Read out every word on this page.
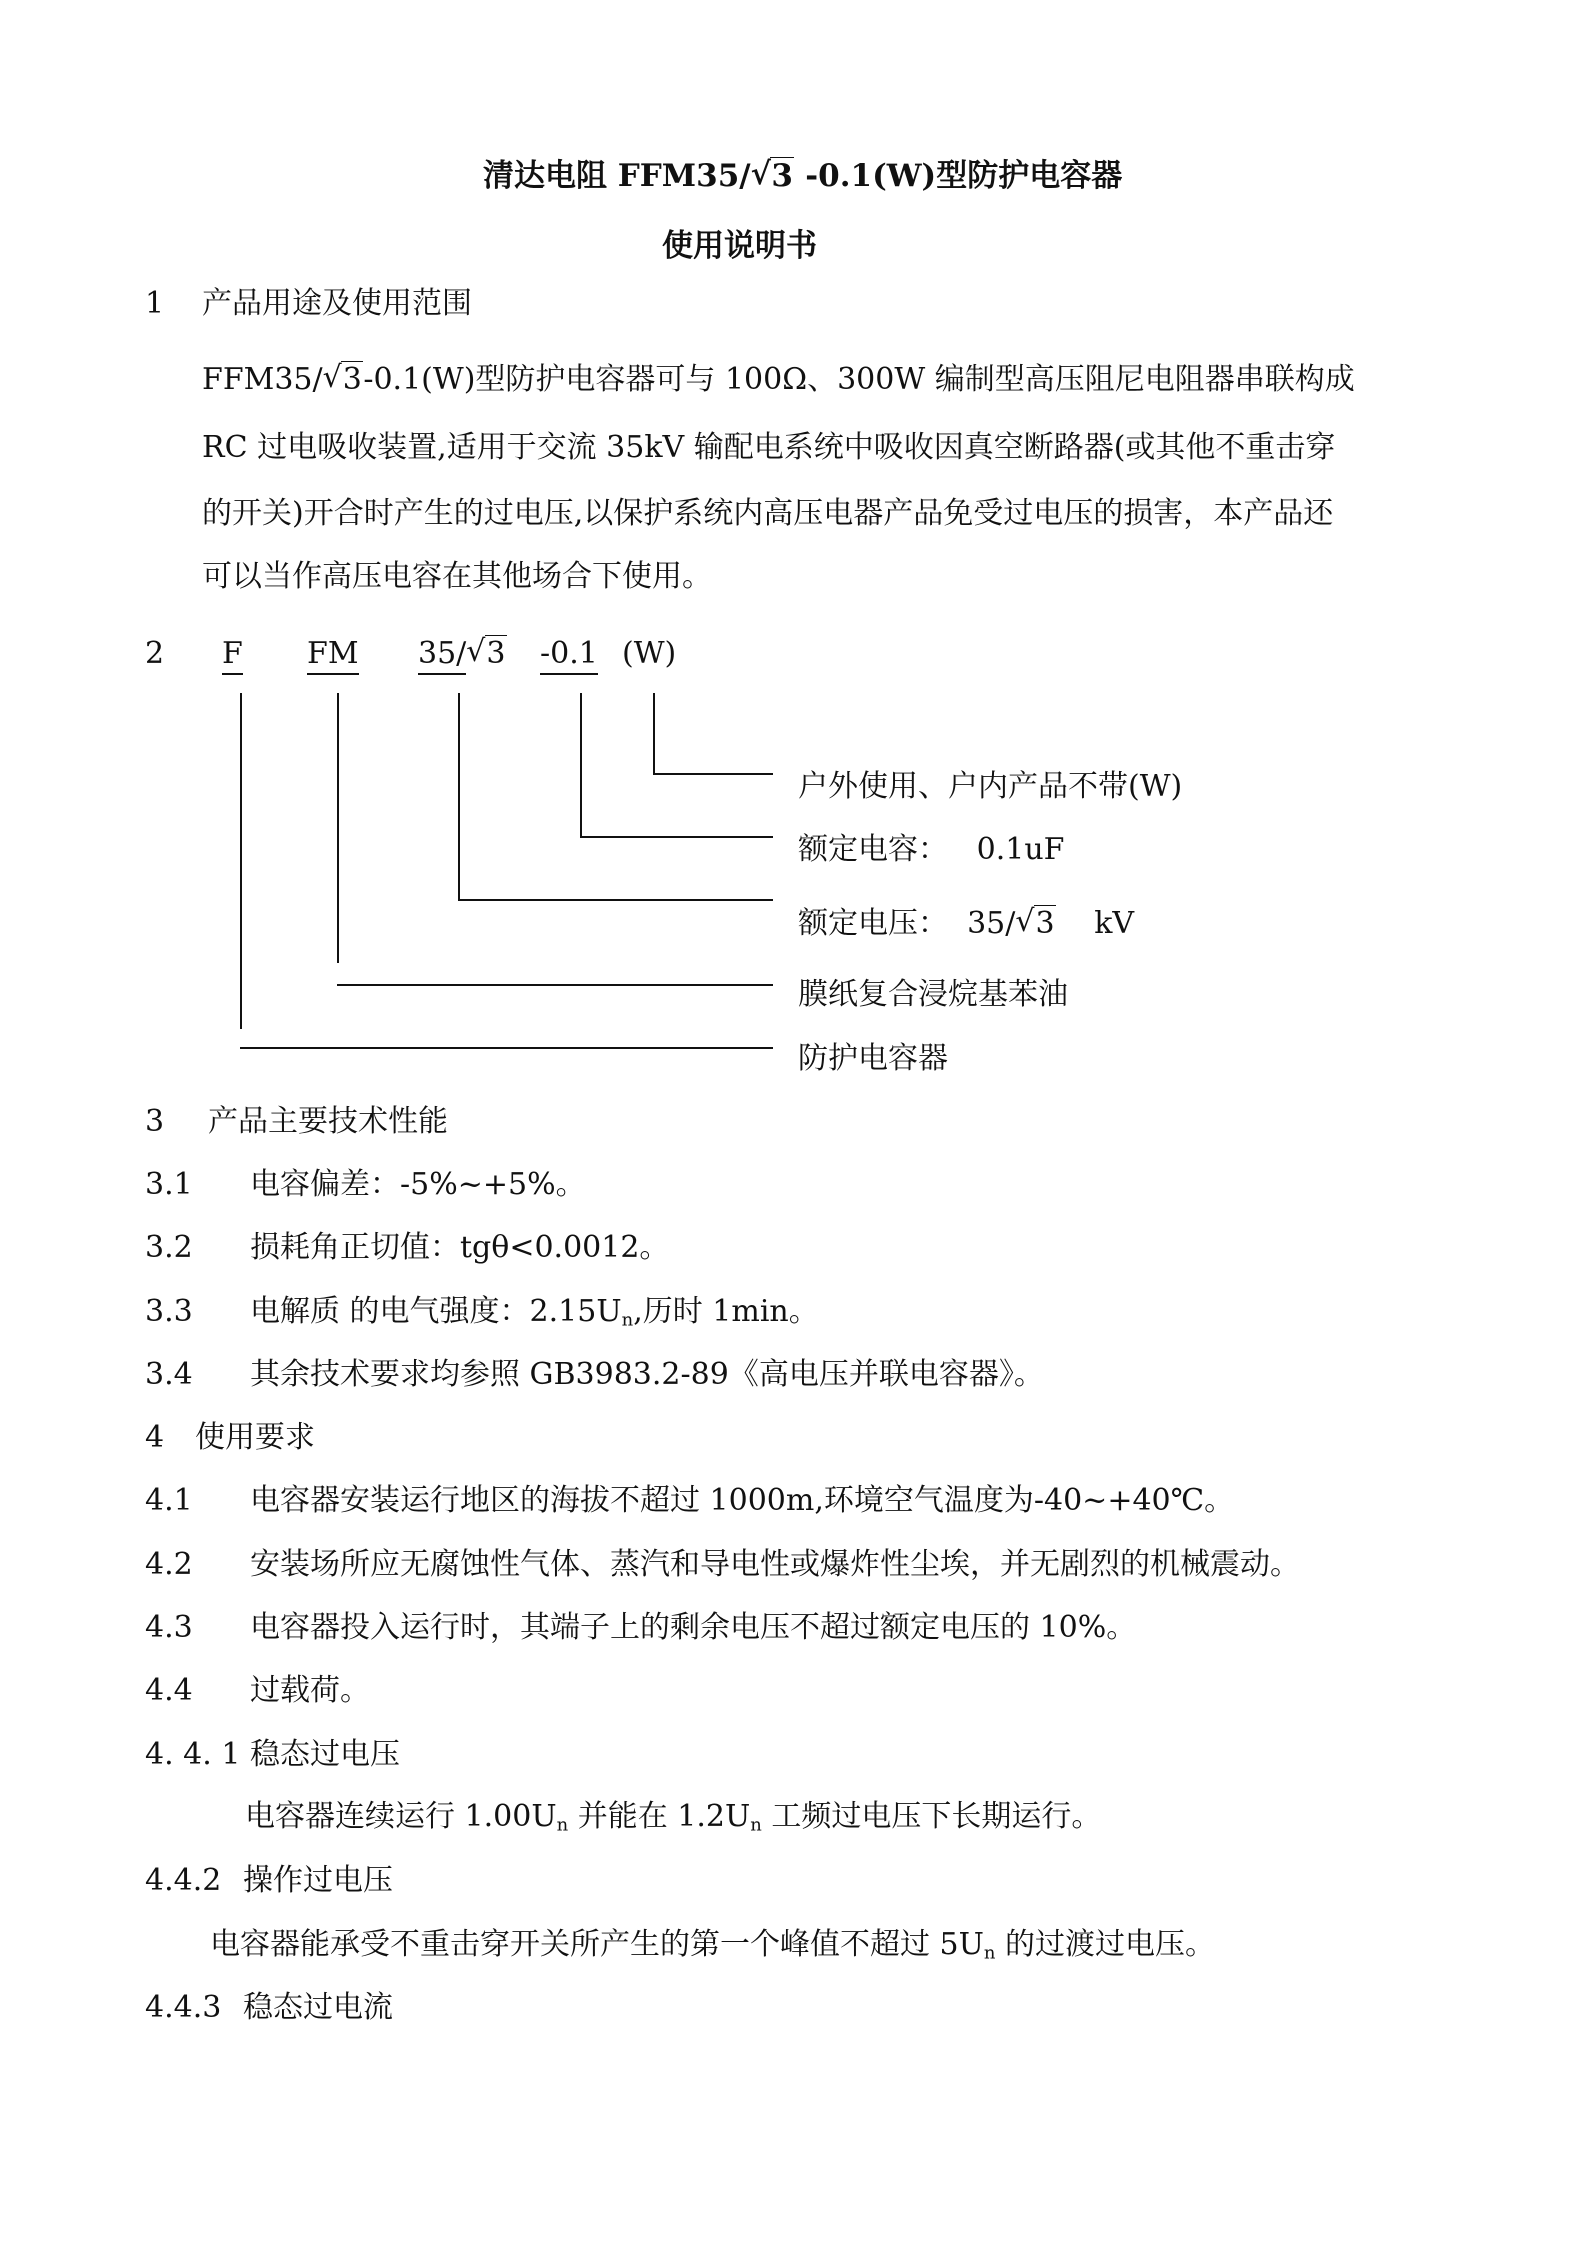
清达电阻 FFM35/ √ 3 -0.1(W)型防护电容器
使用说明书
1 产品用途及使用范围
FFM35/ √ 3-0.1(W)型防护电容器可与 100Ω、300W 编制型高压阻尼电阻器串联构成
RC 过电吸收装置,适用于交流 35kV 输配电系统中吸收因真空断路器(或其他不重击穿
的开关)开合时产生的过电压,以保护系统内高压电器产品免受过电压的损害，本产品还
可以当作高压电容在其他场合下使用。
2 F FM 35/ √ 3 -0.1 (W)
户外使用、户内产品不带(W)
额定电容： 0.1uF
额定电压： 35/ √ 3 kV
膜纸复合浸烷基苯油
防护电容器
3 产品主要技术性能
3.1 电容偏差：-5%~+5%。
3.2 损耗角正切值：tgθ<0.0012。
3.3 电解质 的电气强度：$2.15U_n$,历时 1min。
3.4 其余技术要求均参照 GB3983.2-89《高电压并联电容器》。
4 使用要求
4.1 电容器安装运行地区的海拔不超过 1000m,环境空气温度为-40~+40℃。
4.2 安装场所应无腐蚀性气体、蒸汽和导电性或爆炸性尘埃，并无剧烈的机械震动。
4.3 电容器投入运行时，其端子上的剩余电压不超过额定电压的 10%。
4.4 过载荷。
4. 4. 1 稳态过电压
电容器连续运行 $1.00U_n$ 并能在 $1.2U_n$ 工频过电压下长期运行。
4.4.2 操作过电压
电容器能承受不重击穿开关所产生的第一个峰值不超过 $5U_n$ 的过渡过电压。
4.4.3 稳态过电流
